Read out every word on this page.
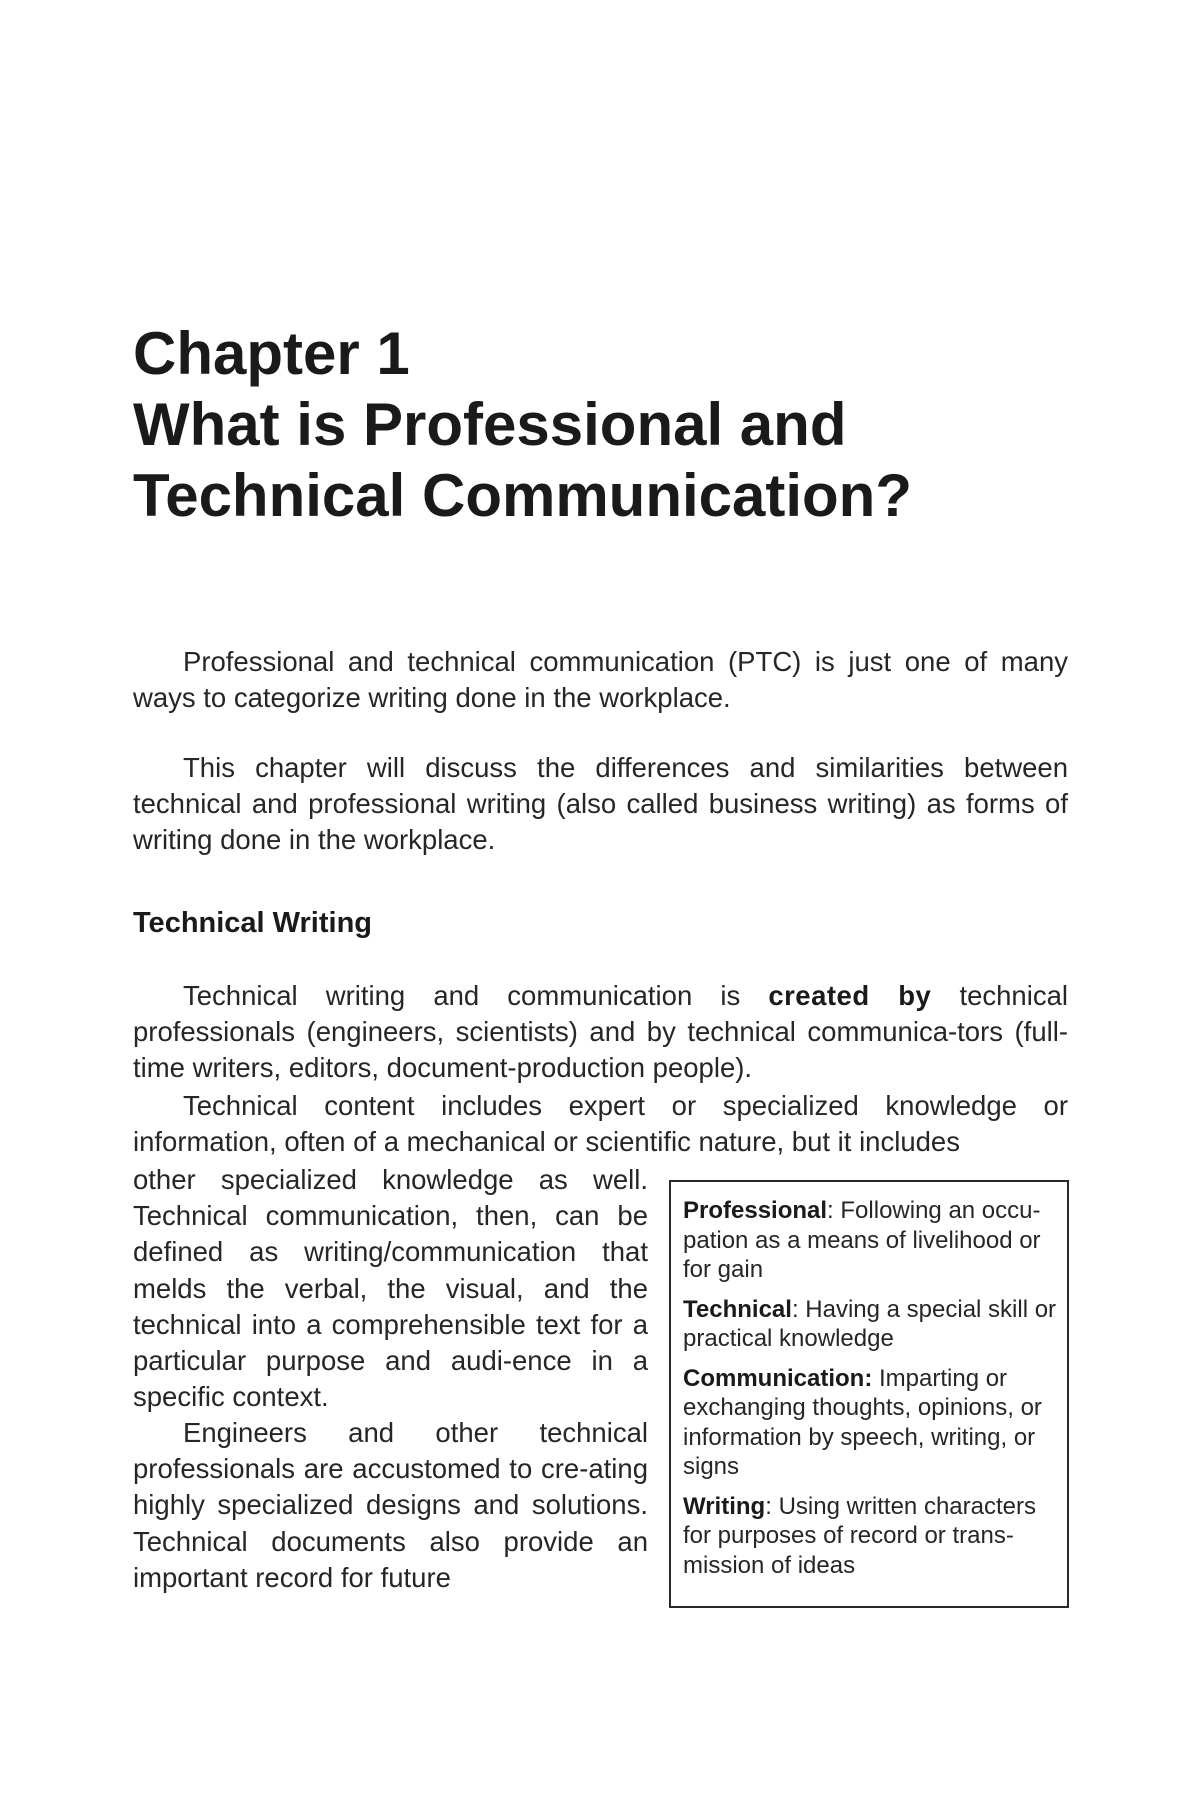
Chapter 1
What is Professional and
Technical Communication?

Professional and technical communication (PTC) is just one of many ways to categorize writing done in the workplace.

This chapter will discuss the differences and similarities between technical and professional writing (also called business writing) as forms of writing done in the workplace.

Technical Writing

Technical writing and communication is created by technical professionals (engineers, scientists) and by technical communica-tors (full-time writers, editors, document-production people).

Technical content includes expert or specialized knowledge or information, often of a mechanical or scientific nature, but it includes

other specialized knowledge as well. Technical communication, then, can be defined as writing/communication that melds the verbal, the visual, and the technical into a comprehensible text for a particular purpose and audi-ence in a specific context.

Engineers and other technical professionals are accustomed to cre-ating highly specialized designs and solutions. Technical documents also provide an important record for future

Professional: Following an occu-pation as a means of livelihood or for gain

Technical: Having a special skill or practical knowledge

Communication: Imparting or exchanging thoughts, opinions, or information by speech, writing, or signs

Writing: Using written characters for purposes of record or trans-mission of ideas
